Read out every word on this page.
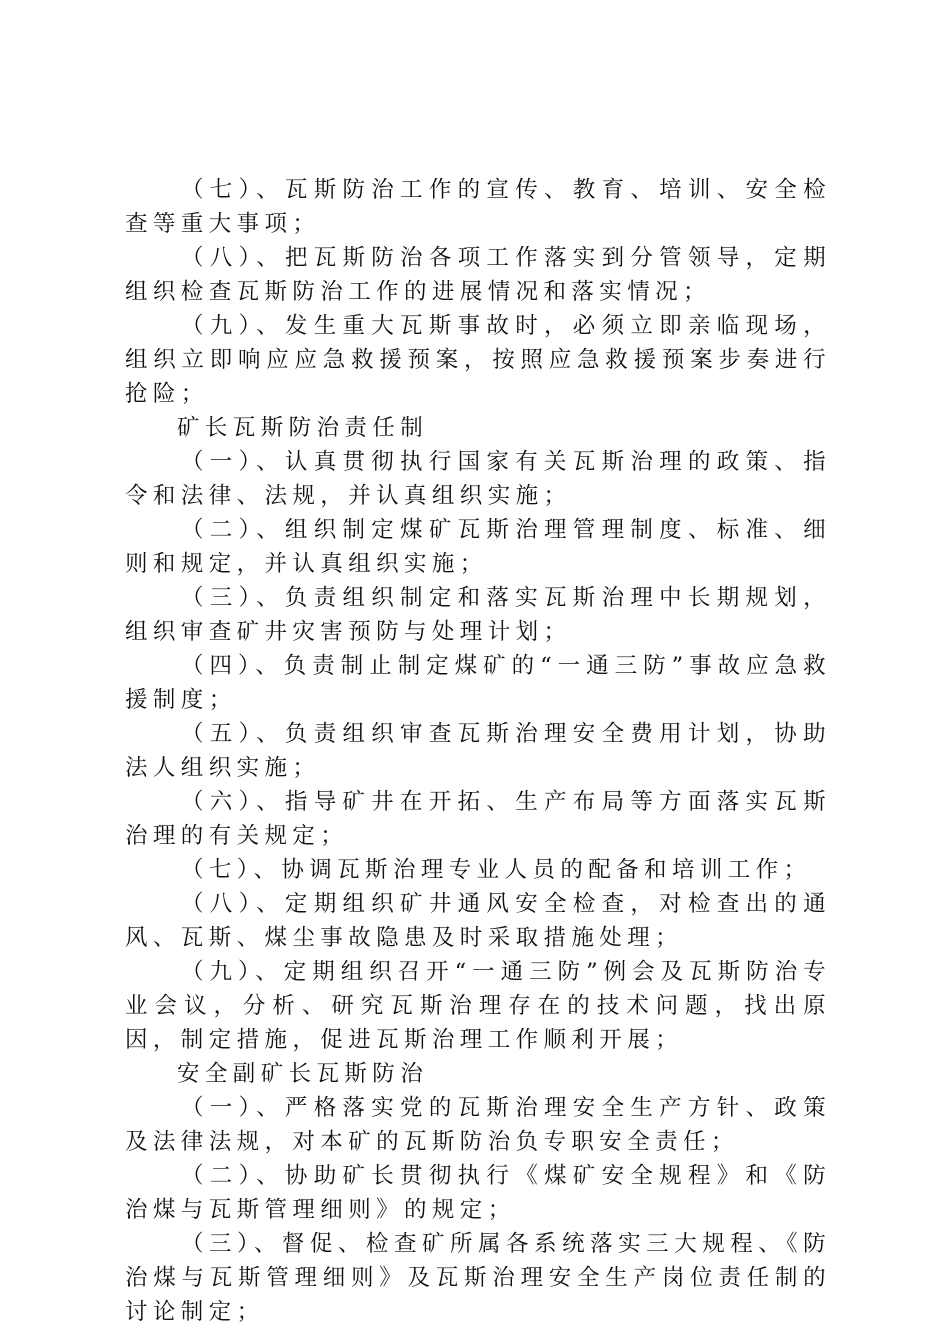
（七）、瓦斯防治工作的宣传、教育、培训、安全检查等重大事项；

（八）、把瓦斯防治各项工作落实到分管领导，定期组织检查瓦斯防治工作的进展情况和落实情况；

（九）、发生重大瓦斯事故时，必须立即亲临现场，组织立即响应应急救援预案，按照应急救援预案步奏进行抢险；

矿长瓦斯防治责任制

（一）、认真贯彻执行国家有关瓦斯治理的政策、指令和法律、法规，并认真组织实施；

（二）、组织制定煤矿瓦斯治理管理制度、标准、细则和规定，并认真组织实施；

（三）、负责组织制定和落实瓦斯治理中长期规划，组织审查矿井灾害预防与处理计划；

（四）、负责制止制定煤矿的“一通三防”事故应急救援制度；

（五）、负责组织审查瓦斯治理安全费用计划，协助法人组织实施；

（六）、指导矿井在开拓、生产布局等方面落实瓦斯治理的有关规定；

（七）、协调瓦斯治理专业人员的配备和培训工作；

（八）、定期组织矿井通风安全检查，对检查出的通风、瓦斯、煤尘事故隐患及时采取措施处理；

（九）、定期组织召开“一通三防”例会及瓦斯防治专业会议，分析、研究瓦斯治理存在的技术问题，找出原因，制定措施，促进瓦斯治理工作顺利开展；

安全副矿长瓦斯防治

（一）、严格落实党的瓦斯治理安全生产方针、政策及法律法规，对本矿的瓦斯防治负专职安全责任；

（二）、协助矿长贯彻执行《煤矿安全规程》和《防治煤与瓦斯管理细则》的规定；

（三）、督促、检查矿所属各系统落实三大规程、《防治煤与瓦斯管理细则》及瓦斯治理安全生产岗位责任制的讨论制定；
